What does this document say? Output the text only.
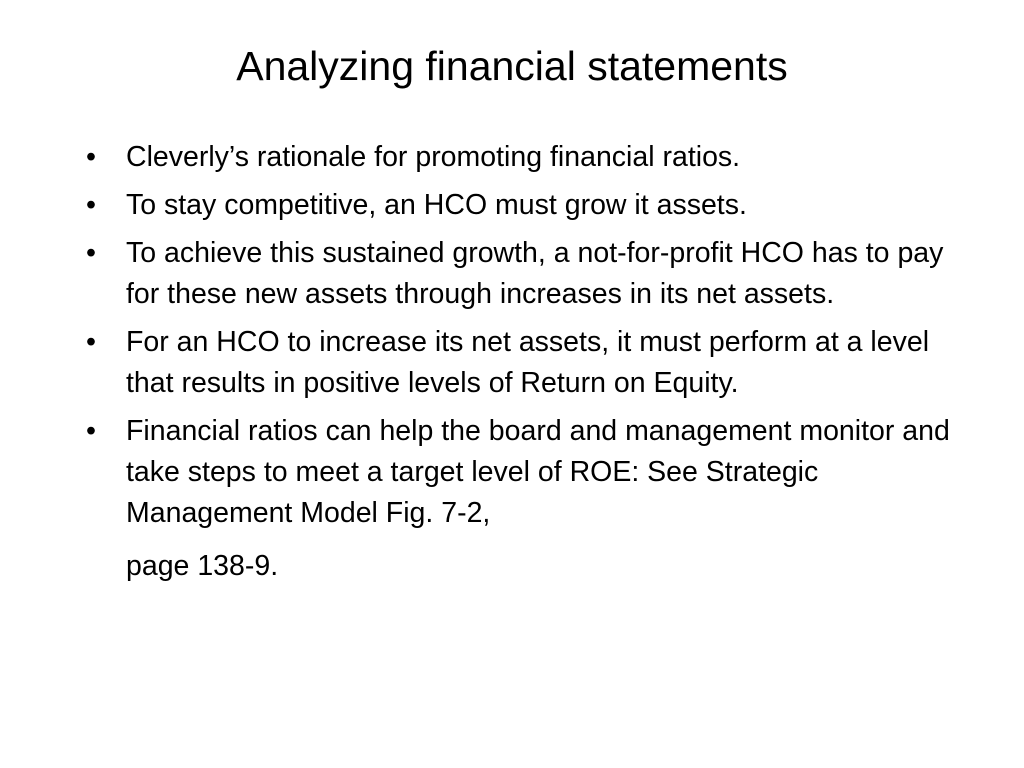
Analyzing financial statements
•	Cleverly’s rationale for promoting financial ratios.
•	To stay competitive, an HCO must grow it assets.
•	To achieve this sustained growth, a not-for-profit HCO has to pay for these new assets through increases in its net assets.
•	For an HCO to increase its net assets, it must perform at a level that results in positive levels of Return on Equity.
•	Financial ratios can help the board and management monitor and take steps to meet a target level of ROE: See Strategic Management Model Fig. 7-2,
page 138-9.
